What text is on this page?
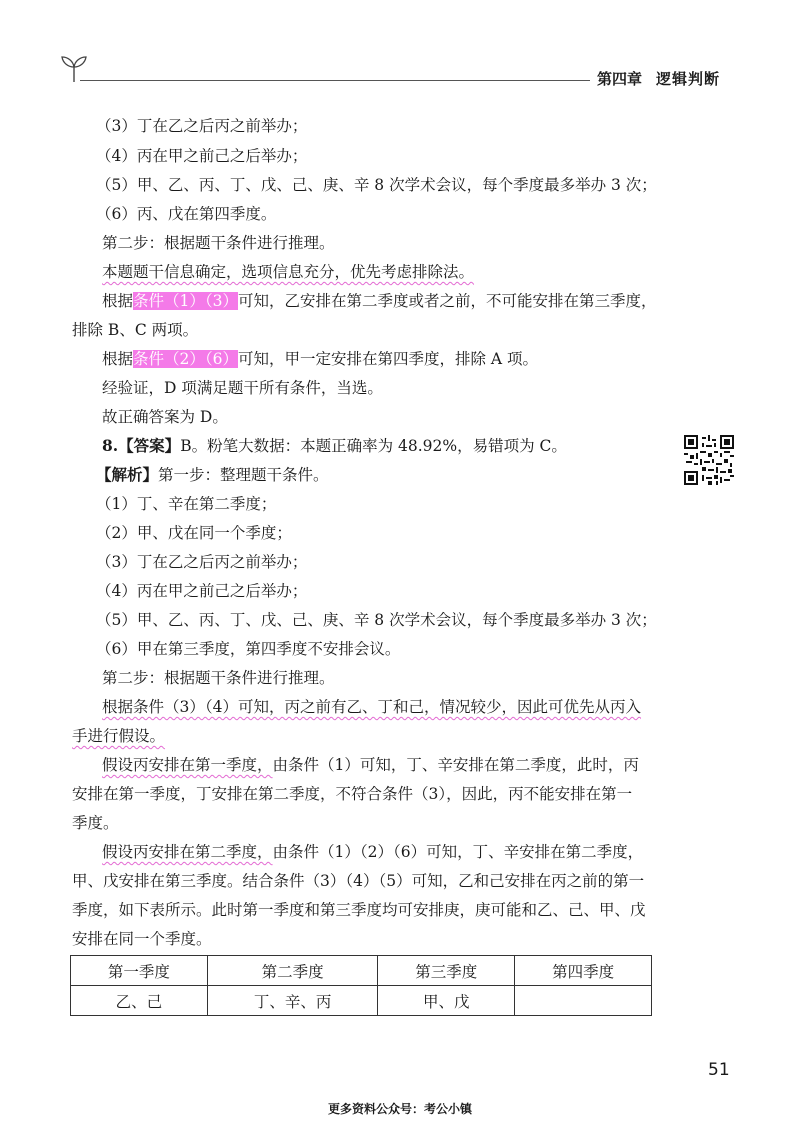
第四章 逻辑判断
（3）丁在乙之后丙之前举办；
（4）丙在甲之前己之后举办；
（5）甲、乙、丙、丁、戊、己、庚、辛 8 次学术会议，每个季度最多举办 3 次；
（6）丙、戊在第四季度。
第二步：根据题干条件进行推理。
本题题干信息确定，选项信息充分，优先考虑排除法。
根据条件（1）（3）可知，乙安排在第二季度或者之前，不可能安排在第三季度，
排除 B、C 两项。
根据条件（2）（6）可知，甲一定安排在第四季度，排除 A 项。
经验证，D 项满足题干所有条件，当选。
故正确答案为 D。
8.【答案】B。粉笔大数据：本题正确率为 48.92%，易错项为 C。
【解析】第一步：整理题干条件。
（1）丁、辛在第二季度；
（2）甲、戊在同一个季度；
（3）丁在乙之后丙之前举办；
（4）丙在甲之前己之后举办；
（5）甲、乙、丙、丁、戊、己、庚、辛 8 次学术会议，每个季度最多举办 3 次；
（6）甲在第三季度，第四季度不安排会议。
第二步：根据题干条件进行推理。
根据条件（3）（4）可知，丙之前有乙、丁和己，情况较少，因此可优先从丙入
手进行假设。
假设丙安排在第一季度，由条件（1）可知，丁、辛安排在第二季度，此时，丙
安排在第一季度，丁安排在第二季度，不符合条件（3），因此，丙不能安排在第一
季度。
假设丙安排在第二季度，由条件（1）（2）（6）可知，丁、辛安排在第二季度，
甲、戊安排在第三季度。结合条件（3）（4）（5）可知，乙和己安排在丙之前的第一
季度，如下表所示。此时第一季度和第三季度均可安排庚，庚可能和乙、己、甲、戊
安排在同一个季度。
第一季度	第二季度	第三季度	第四季度
乙、己	丁、辛、丙	甲、戊	
51
更多资料公众号：考公小镇
